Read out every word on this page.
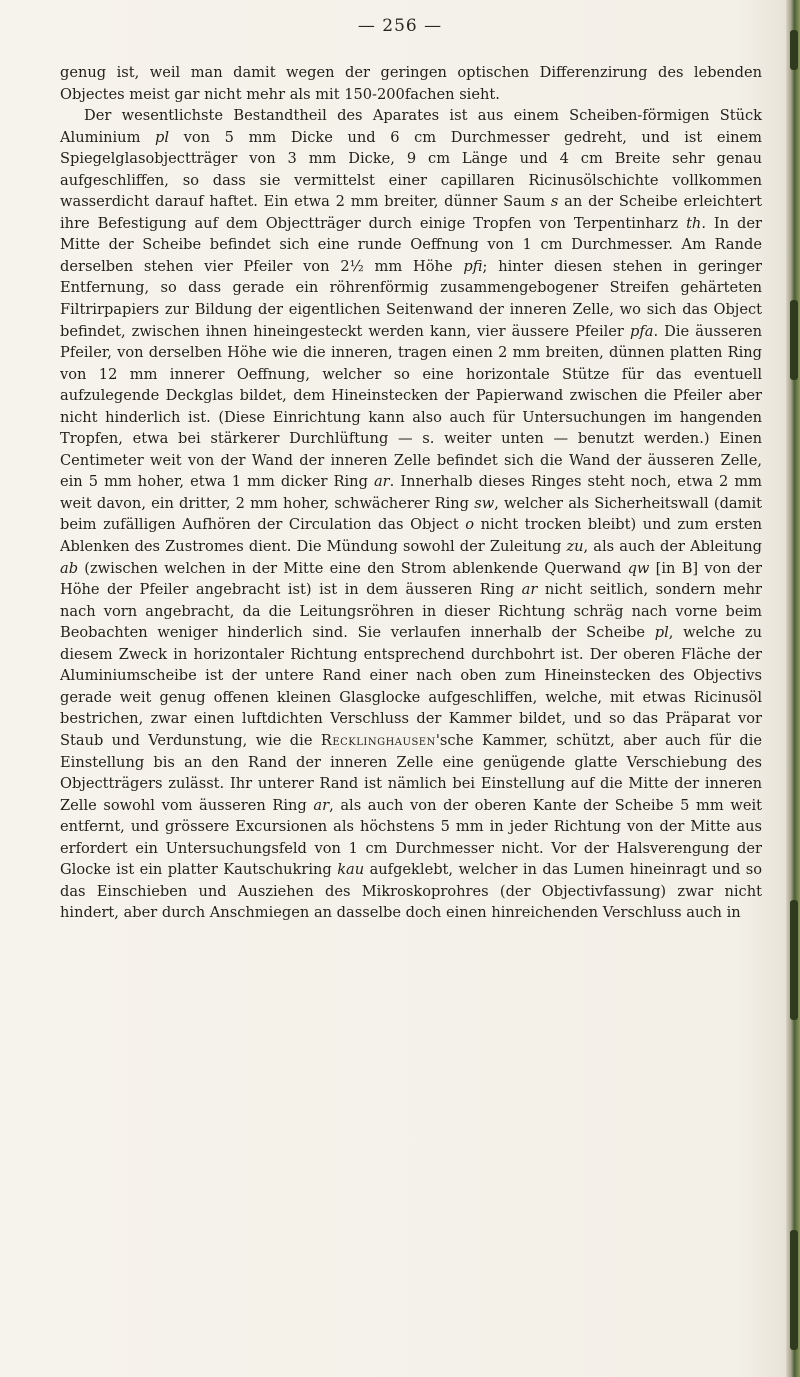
— 256 —

genug ist, weil man damit wegen der geringen optischen Differenzirung des lebenden Objectes meist gar nicht mehr als mit 150-200fachen sieht.

Der wesentlichste Bestandtheil des Aparates ist aus einem Scheiben-förmigen Stück Aluminium pl von 5 mm Dicke und 6 cm Durchmesser gedreht, und ist einem Spiegelglasobjectträger von 3 mm Dicke, 9 cm Länge und 4 cm Breite sehr genau aufgeschliffen, so dass sie vermittelst einer capillaren Ricinusölschichte vollkommen wasserdicht darauf haftet. Ein etwa 2 mm breiter, dünner Saum s an der Scheibe erleichtert ihre Befestigung auf dem Objectträger durch einige Tropfen von Terpentinharz th. In der Mitte der Scheibe befindet sich eine runde Oeffnung von 1 cm Durchmesser. Am Rande derselben stehen vier Pfeiler von 2½ mm Höhe pfi; hinter diesen stehen in geringer Entfernung, so dass gerade ein röhrenförmig zusammengebogener Streifen gehärteten Filtrirpapiers zur Bildung der eigentlichen Seitenwand der inneren Zelle, wo sich das Object befindet, zwischen ihnen hineingesteckt werden kann, vier äussere Pfeiler pfa. Die äusseren Pfeiler, von derselben Höhe wie die inneren, tragen einen 2 mm breiten, dünnen platten Ring von 12 mm innerer Oeffnung, welcher so eine horizontale Stütze für das eventuell aufzulegende Deckglas bildet, dem Hineinstecken der Papierwand zwischen die Pfeiler aber nicht hinderlich ist. (Diese Einrichtung kann also auch für Untersuchungen im hangenden Tropfen, etwa bei stärkerer Durchlüftung — s. weiter unten — benutzt werden.) Einen Centimeter weit von der Wand der inneren Zelle befindet sich die Wand der äusseren Zelle, ein 5 mm hoher, etwa 1 mm dicker Ring ar. Innerhalb dieses Ringes steht noch, etwa 2 mm weit davon, ein dritter, 2 mm hoher, schwächerer Ring sw, welcher als Sicherheitswall (damit beim zufälligen Aufhören der Circulation das Object o nicht trocken bleibt) und zum ersten Ablenken des Zustromes dient. Die Mündung sowohl der Zuleitung zu, als auch der Ableitung ab (zwischen welchen in der Mitte eine den Strom ablenkende Querwand qw [in B] von der Höhe der Pfeiler angebracht ist) ist in dem äusseren Ring ar nicht seitlich, sondern mehr nach vorn angebracht, da die Leitungsröhren in dieser Richtung schräg nach vorne beim Beobachten weniger hinderlich sind. Sie verlaufen innerhalb der Scheibe pl, welche zu diesem Zweck in horizontaler Richtung entsprechend durchbohrt ist. Der oberen Fläche der Aluminiumscheibe ist der untere Rand einer nach oben zum Hineinstecken des Objectivs gerade weit genug offenen kleinen Glasglocke aufgeschliffen, welche, mit etwas Ricinusöl bestrichen, zwar einen luftdichten Verschluss der Kammer bildet, und so das Präparat vor Staub und Verdunstung, wie die Recklinghausen'sche Kammer, schützt, aber auch für die Einstellung bis an den Rand der inneren Zelle eine genügende glatte Verschiebung des Objectträgers zulässt. Ihr unterer Rand ist nämlich bei Einstellung auf die Mitte der inneren Zelle sowohl vom äusseren Ring ar, als auch von der oberen Kante der Scheibe 5 mm weit entfernt, und grössere Excursionen als höchstens 5 mm in jeder Richtung von der Mitte aus erfordert ein Untersuchungsfeld von 1 cm Durchmesser nicht. Vor der Halsverengung der Glocke ist ein platter Kautschukring kau aufgeklebt, welcher in das Lumen hineinragt und so das Einschieben und Ausziehen des Mikroskoprohres (der Objectivfassung) zwar nicht hindert, aber durch Anschmiegen an dasselbe doch einen hinreichenden Verschluss auch in
